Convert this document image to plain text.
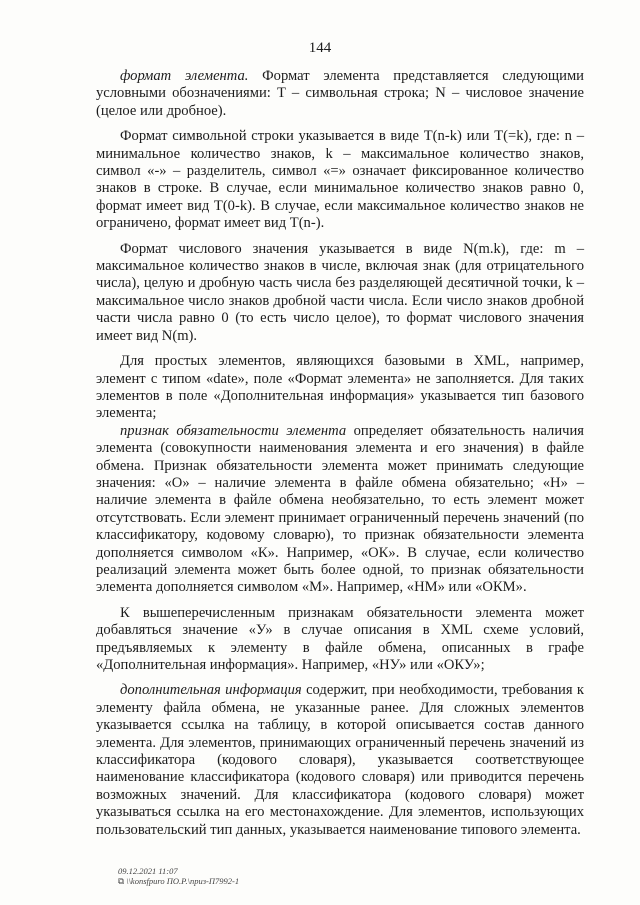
144

формат элемента. Формат элемента представляется следующими условными обозначениями: T – символьная строка; N – числовое значение (целое или дробное).

Формат символьной строки указывается в виде T(n-k) или T(=k), где: n – минимальное количество знаков, k – максимальное количество знаков, символ «-» – разделитель, символ «=» означает фиксированное количество знаков в строке. В случае, если минимальное количество знаков равно 0, формат имеет вид T(0-k). В случае, если максимальное количество знаков не ограничено, формат имеет вид T(n-).

Формат числового значения указывается в виде N(m.k), где: m – максимальное количество знаков в числе, включая знак (для отрицательного числа), целую и дробную часть числа без разделяющей десятичной точки, k – максимальное число знаков дробной части числа. Если число знаков дробной части числа равно 0 (то есть число целое), то формат числового значения имеет вид N(m).

Для простых элементов, являющихся базовыми в XML, например, элемент с типом «date», поле «Формат элемента» не заполняется. Для таких элементов в поле «Дополнительная информация» указывается тип базового элемента;

признак обязательности элемента определяет обязательность наличия элемента (совокупности наименования элемента и его значения) в файле обмена. Признак обязательности элемента может принимать следующие значения: «О» – наличие элемента в файле обмена обязательно; «Н» – наличие элемента в файле обмена необязательно, то есть элемент может отсутствовать. Если элемент принимает ограниченный перечень значений (по классификатору, кодовому словарю), то признак обязательности элемента дополняется символом «К». Например, «ОК». В случае, если количество реализаций элемента может быть более одной, то признак обязательности элемента дополняется символом «М». Например, «НМ» или «ОКМ».

К вышеперечисленным признакам обязательности элемента может добавляться значение «У» в случае описания в XML схеме условий, предъявляемых к элементу в файле обмена, описанных в графе «Дополнительная информация». Например, «НУ» или «ОКУ»;

дополнительная информация содержит, при необходимости, требования к элементу файла обмена, не указанные ранее. Для сложных элементов указывается ссылка на таблицу, в которой описывается состав данного элемента. Для элементов, принимающих ограниченный перечень значений из классификатора (кодового словаря), указывается соответствующее наименование классификатора (кодового словаря) или приводится перечень возможных значений. Для классификатора (кодового словаря) может указываться ссылка на его местонахождение. Для элементов, использующих пользовательский тип данных, указывается наименование типового элемента.

09.12.2021 11:07
⧉ \\konsfpuro ПО.Р.\приз-П7992-1
